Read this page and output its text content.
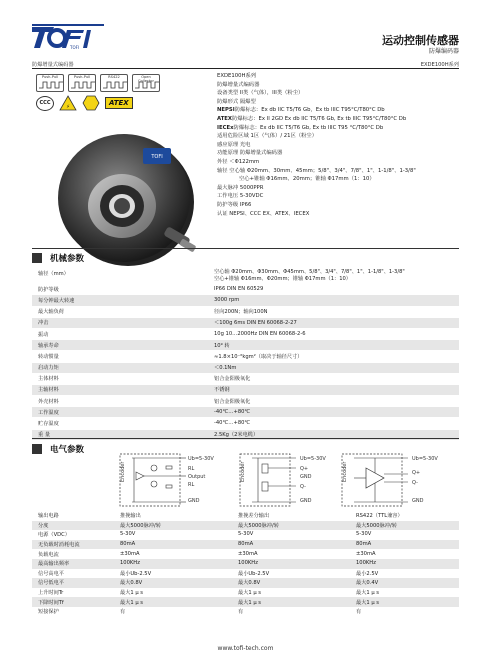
TOFI
运动控制传感器
防爆编码器
防爆增量式编码器	EXDE100H系列
Push-Pull	Push-Pull	RS422	Open Collector
CCC
⚡	ATEX
TOFI
EXDE100H系列
防爆增量式编码器
设备类型 II类（气体），III类（粉尘）
防爆形式 隔爆型
NEPSI防爆标志：Ex db IIC T5/T6 Gb，Ex tb IIIC T95°C/T80°C Db
ATEX防爆标志：Ex II 2GD Ex db IIC T5/T6 Gb, Ex tb IIIC T95°C/T80°C Db
IECEx防爆标志：Ex db IIC T5/T6 Gb, Ex tb IIIC T95 °C/T80°C Db
适用危险区域 1区（气体）/ 21区（粉尘）
感应原理 光电
功能原理 防爆增量式编码器
外径 ＜Φ122mm
轴径 空心轴 Φ20mm、30mm、45mm；5/8"、3/4"、7/8"、1"、1-1/8"、1-3/8"
空心+锥轴 Φ16mm、20mm；锥轴 Φ17mm（1：10）
最大脉冲 5000PPR
工作电压 5-30VDC
防护等级 IP66
认证 NEPSI、CCC EX、ATEX、IECEX
机械参数
轴径（mm）	空心轴 Φ20mm、Φ30mm、Φ45mm、5/8"、3/4"、7/8"、1"、1-1/8"、1-3/8"
空心+锥轴 Φ16mm、Φ20mm；锥轴 Φ17mm（1：10）
防护等级	IP66 DIN EN 60529
每分钟最大转速	3000 rpm
最大轴负荷	径向200N；轴向100N
冲击	＜100g 6ms DIN EN 60068-2-27
振动	10g 10…2000Hz DIN EN 60068-2-6
轴承寿命	10⁹ 转
转动惯量	≈1.8×10⁻⁶kgm²（取决于轴径尺寸）
启动力矩	＜0.1Nm
主体材料	铝合金阳极氧化
主轴材料	不锈钢
外壳材料	铝合金阳极氧化
工作温度	-40℃…+80℃
贮存温度	-40℃…+80℃
重 量	2.5Kg（2米电缆）
电气参数
Encoder
Ub=5-30V
RL
Output
RL
GND
Encoder
Ub=5-30V
Q+
GND
Q-
GND
Encoder
Ub=5-30V
Q+
Q-
GND
输出电路	推挽输出	推挽差分输出	RS422（TTL兼容）
分度	最大5000脉冲/转	最大5000脉冲/转	最大5000脉冲/转
电源（VDC）	5-30V	5-30V	5-30V
无负载时消耗电流	80mA	80mA	80mA
负载电流	±30mA	±30mA	±30mA
最高输出频率	100KHz	100KHz	100KHz
信号高电平	最小Ub-2.5V	最小Ub-2.5V	最小2.5V
信号低电平	最大0.8V	最大0.8V	最大0.4V
上升时间Tr	最大1 μ s	最大1 μ s	最大1 μ s
下降时间Tf	最大1 μ s	最大1 μ s	最大1 μ s
短接保护	有	有	有
www.tofi-tech.com
